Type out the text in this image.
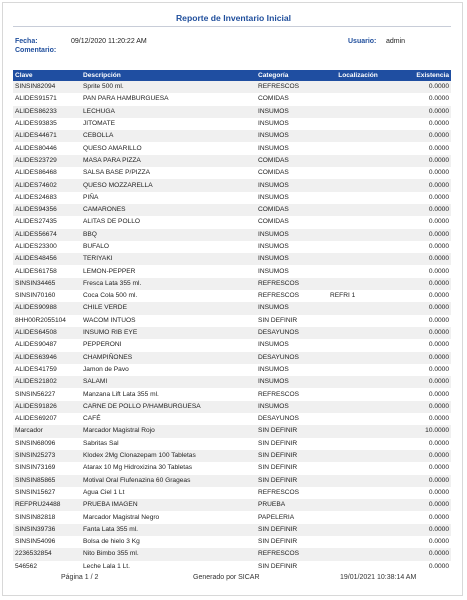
Reporte de Inventario Inicial
Fecha:	09/12/2020 11:20:22 AM	Usuario: admin
Comentario:
Clave	Descripción	Categoría	Localización	Existencia
SINSIN82094	Sprite 500 ml.	REFRESCOS		0.0000
ALIDES91571	PAN PARA HAMBURGUESA	COMIDAS		0.0000
ALIDES86233	LECHUGA	INSUMOS		0.0000
ALIDES93835	JITOMATE	INSUMOS		0.0000
ALIDES44671	CEBOLLA	INSUMOS		0.0000
ALIDES80446	QUESO AMARILLO	INSUMOS		0.0000
ALIDES23729	MASA PARA PIZZA	COMIDAS		0.0000
ALIDES86468	SALSA BASE P/PIZZA	COMIDAS		0.0000
ALIDES74602	QUESO MOZZARELLA	INSUMOS		0.0000
ALIDES24683	PIÑA	INSUMOS		0.0000
ALIDES94356	CAMARONES	COMIDAS		0.0000
ALIDES27435	ALITAS DE POLLO	COMIDAS		0.0000
ALIDES56674	BBQ	INSUMOS		0.0000
ALIDES23300	BUFALO	INSUMOS		0.0000
ALIDES48456	TERIYAKI	INSUMOS		0.0000
ALIDES61758	LEMON-PEPPER	INSUMOS		0.0000
SINSIN34465	Fresca Lata 355 ml.	REFRESCOS		0.0000
SINSIN70160	Coca Cola 500 ml.	REFRESCOS	REFRI 1	0.0000
ALIDES90988	CHILE VERDE	INSUMOS		0.0000
8HH00R2055104	WACOM INTUOS	SIN DEFINIR		0.0000
ALIDES64508	INSUMO RIB EYE	DESAYUNOS		0.0000
ALIDES90487	PEPPERONI	INSUMOS		0.0000
ALIDES63946	CHAMPIÑONES	DESAYUNOS		0.0000
ALIDES41759	Jamon de Pavo	INSUMOS		0.0000
ALIDES21802	SALAMI	INSUMOS		0.0000
SINSIN56227	Manzana Lift Lata 355 ml.	REFRESCOS		0.0000
ALIDES91826	CARNE DE POLLO P/HAMBURGUESA	INSUMOS		0.0000
ALIDES69207	CAFÉ	DESAYUNOS		0.0000
Marcador	Marcador Magistral Rojo	SIN DEFINIR		10.0000
SINSIN68096	Sabritas Sal	SIN DEFINIR		0.0000
SINSIN25273	Klodex 2Mg Clonazepam 100 Tabletas	SIN DEFINIR		0.0000
SINSIN73169	Atarax 10 Mg Hidroxizina 30 Tabletas	SIN DEFINIR		0.0000
SINSIN85865	Motival Oral Flufenazina 60 Grageas	SIN DEFINIR		0.0000
SINSIN15627	Agua Ciel 1 Lt	REFRESCOS		0.0000
REFPRU24488	PRUEBA IMAGEN	PRUEBA		0.0000
SINSIN82818	Marcador Magistral Negro	PAPELERIA		0.0000
SINSIN39736	Fanta Lata 355 ml.	SIN DEFINIR		0.0000
SINSIN54096	Bolsa de hielo 3 Kg	SIN DEFINIR		0.0000
2236532854	Nito Bimbo 355 ml.	REFRESCOS		0.0000
546562	Leche Lala 1 Lt.	SIN DEFINIR		0.0000
Página 1 / 2	Generado por SICAR	19/01/2021 10:38:14 AM
